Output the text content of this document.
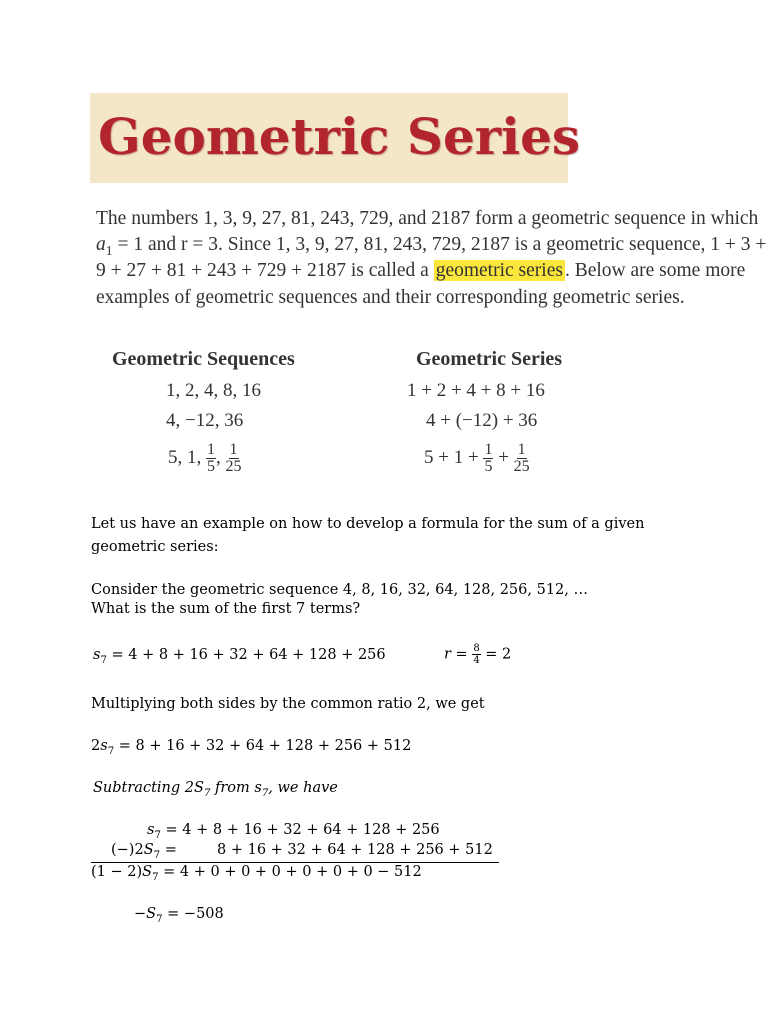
Geometric Series
The numbers 1, 3, 9, 27, 81, 243, 729, and 2187 form a geometric sequence in which
$a_1 = 1$ and r = 3. Since 1, 3, 9, 27, 81, 243, 729, 2187 is a geometric sequence, 1 + 3 +
9 + 27 + 81 + 243 + 729 + 2187 is called a geometric series . Below are some more
examples of geometric sequences and their corresponding geometric series.
Geometric Sequences	Geometric Series
1, 2, 4, 8, 16	1 + 2 + 4 + 8 + 16
4, −12, 36	4 + (−12) + 36
5, 1, $\frac{1}{5}$ , $\frac{1}{25}$	$5 + 1 + \frac{1}{5} + \frac{1}{25}$
Let us have an example on how to develop a formula for the sum of a given
geometric series:
Consider the geometric sequence 4, 8, 16, 32, 64, 128, 256, 512, …
What is the sum of the first 7 terms?
$s_7 = 4 + 8 + 16 + 32 + 64 + 128 + 256$	$r = \frac{8}{4} = 2$
Multiplying both sides by the common ratio 2, we get
$2s_7 = 8 + 16 + 32 + 64 + 128 + 256 + 512$
Subtracting $2S_7$ from $s_7$, we have
$s_7 = 4 + 8 + 16 + 32 + 64 + 128 + 256$
$(-)2S_7$ =	8 + 16 + 32 + 64 + 128 + 256 + 512
$(1 - 2)S_7 = 4 + 0 + 0 + 0 + 0 + 0 + 0 - 512$
$-S_7 = -508$
